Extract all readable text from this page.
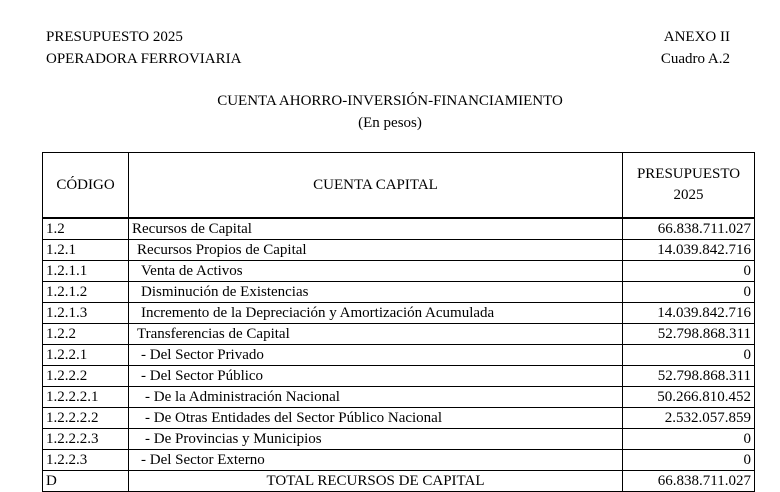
PRESUPUESTO 2025
OPERADORA FERROVIARIA
ANEXO II
Cuadro A.2
CUENTA AHORRO-INVERSIÓN-FINANCIAMIENTO
(En pesos)
CÓDIGO	CUENTA CAPITAL	PRESUPUESTO
2025

1.2	Recursos de Capital	66.838.711.027
1.2.1	Recursos Propios de Capital	14.039.842.716
1.2.1.1	Venta de Activos	0
1.2.1.2	Disminución de Existencias	0
1.2.1.3	Incremento de la Depreciación y Amortización Acumulada	14.039.842.716
1.2.2	Transferencias de Capital	52.798.868.311
1.2.2.1	- Del Sector Privado	0
1.2.2.2	- Del Sector Público	52.798.868.311
1.2.2.2.1	- De la Administración Nacional	50.266.810.452
1.2.2.2.2	- De Otras Entidades del Sector Público Nacional	2.532.057.859
1.2.2.2.3	- De Provincias y Municipios	0
1.2.2.3	- Del Sector Externo	0
D	TOTAL RECURSOS DE CAPITAL	66.838.711.027
